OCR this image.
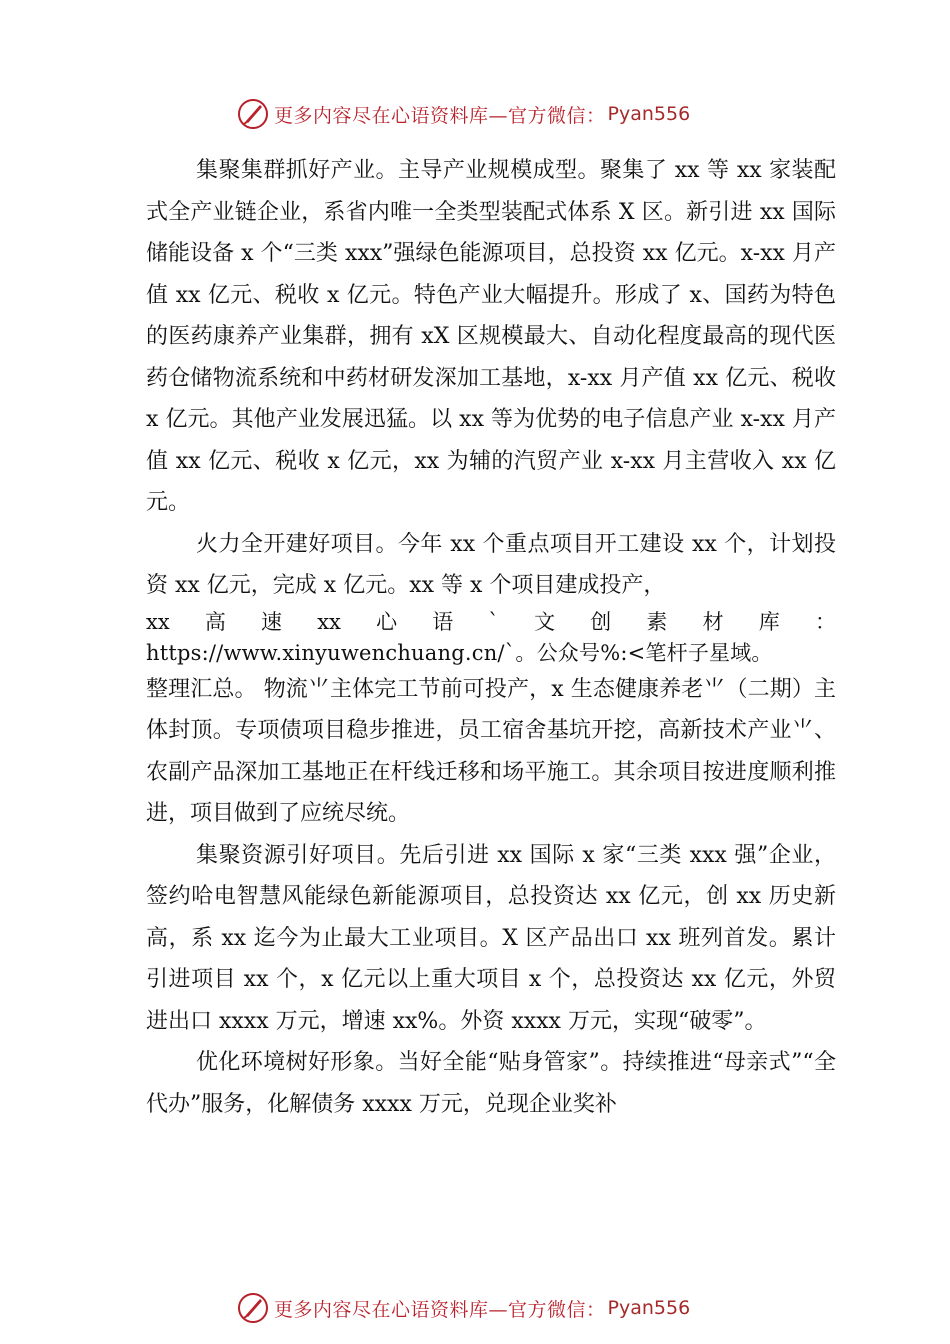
更多内容尽在心语资料库—官方微信： Pyan556

集聚集群抓好产业。主导产业规模成型。聚集了 xx 等 xx 家装配式全产业链企业，系省内唯一全类型装配式体系 X 区。新引进 xx 国际储能设备 x 个“三类 xxx”强绿色能源项目，总投资 xx 亿元。x-xx 月产值 xx 亿元、税收 x 亿元。特色产业大幅提升。形成了 x、国药为特色的医药康养产业集群，拥有 xX 区规模最大、自动化程度最高的现代医药仓储物流系统和中药材研发深加工基地，x-xx 月产值 xx 亿元、税收 x 亿元。其他产业发展迅猛。以 xx 等为优势的电子信息产业 x-xx 月产值 xx 亿元、税收 x 亿元，xx 为辅的汽贸产业 x-xx 月主营收入 xx 亿元。

火力全开建好项目。今年 xx 个重点项目开工建设 xx 个，计划投资 xx 亿元，完成 x 亿元。xx 等 x 个项目建成投产，

xx 高 速 xx 心 语 ` 文 创 素 材 库 ：

https://www.xinyuwenchuang.cn/`。公众号%:<笔杆子星域。

整理汇总。 物流⺌主体完工节前可投产，x 生态健康养老⺌（二期）主体封顶。专项债项目稳步推进，员工宿舍基坑开挖，高新技术产业⺌、农副产品深加工基地正在杆线迁移和场平施工。其余项目按进度顺利推进，项目做到了应统尽统。

集聚资源引好项目。先后引进 xx 国际 x 家“三类 xxx 强”企业，签约哈电智慧风能绿色新能源项目，总投资达 xx 亿元，创 xx 历史新高，系 xx 迄今为止最大工业项目。X 区产品出口 xx 班列首发。累计引进项目 xx 个，x 亿元以上重大项目 x 个，总投资达 xx 亿元，外贸进出口 xxxx 万元，增速 xx%。外资 xxxx 万元，实现“破零”。

优化环境树好形象。当好全能“贴身管家”。持续推进“母亲式”“全代办”服务，化解债务 xxxx 万元，兑现企业奖补

更多内容尽在心语资料库—官方微信： Pyan556
